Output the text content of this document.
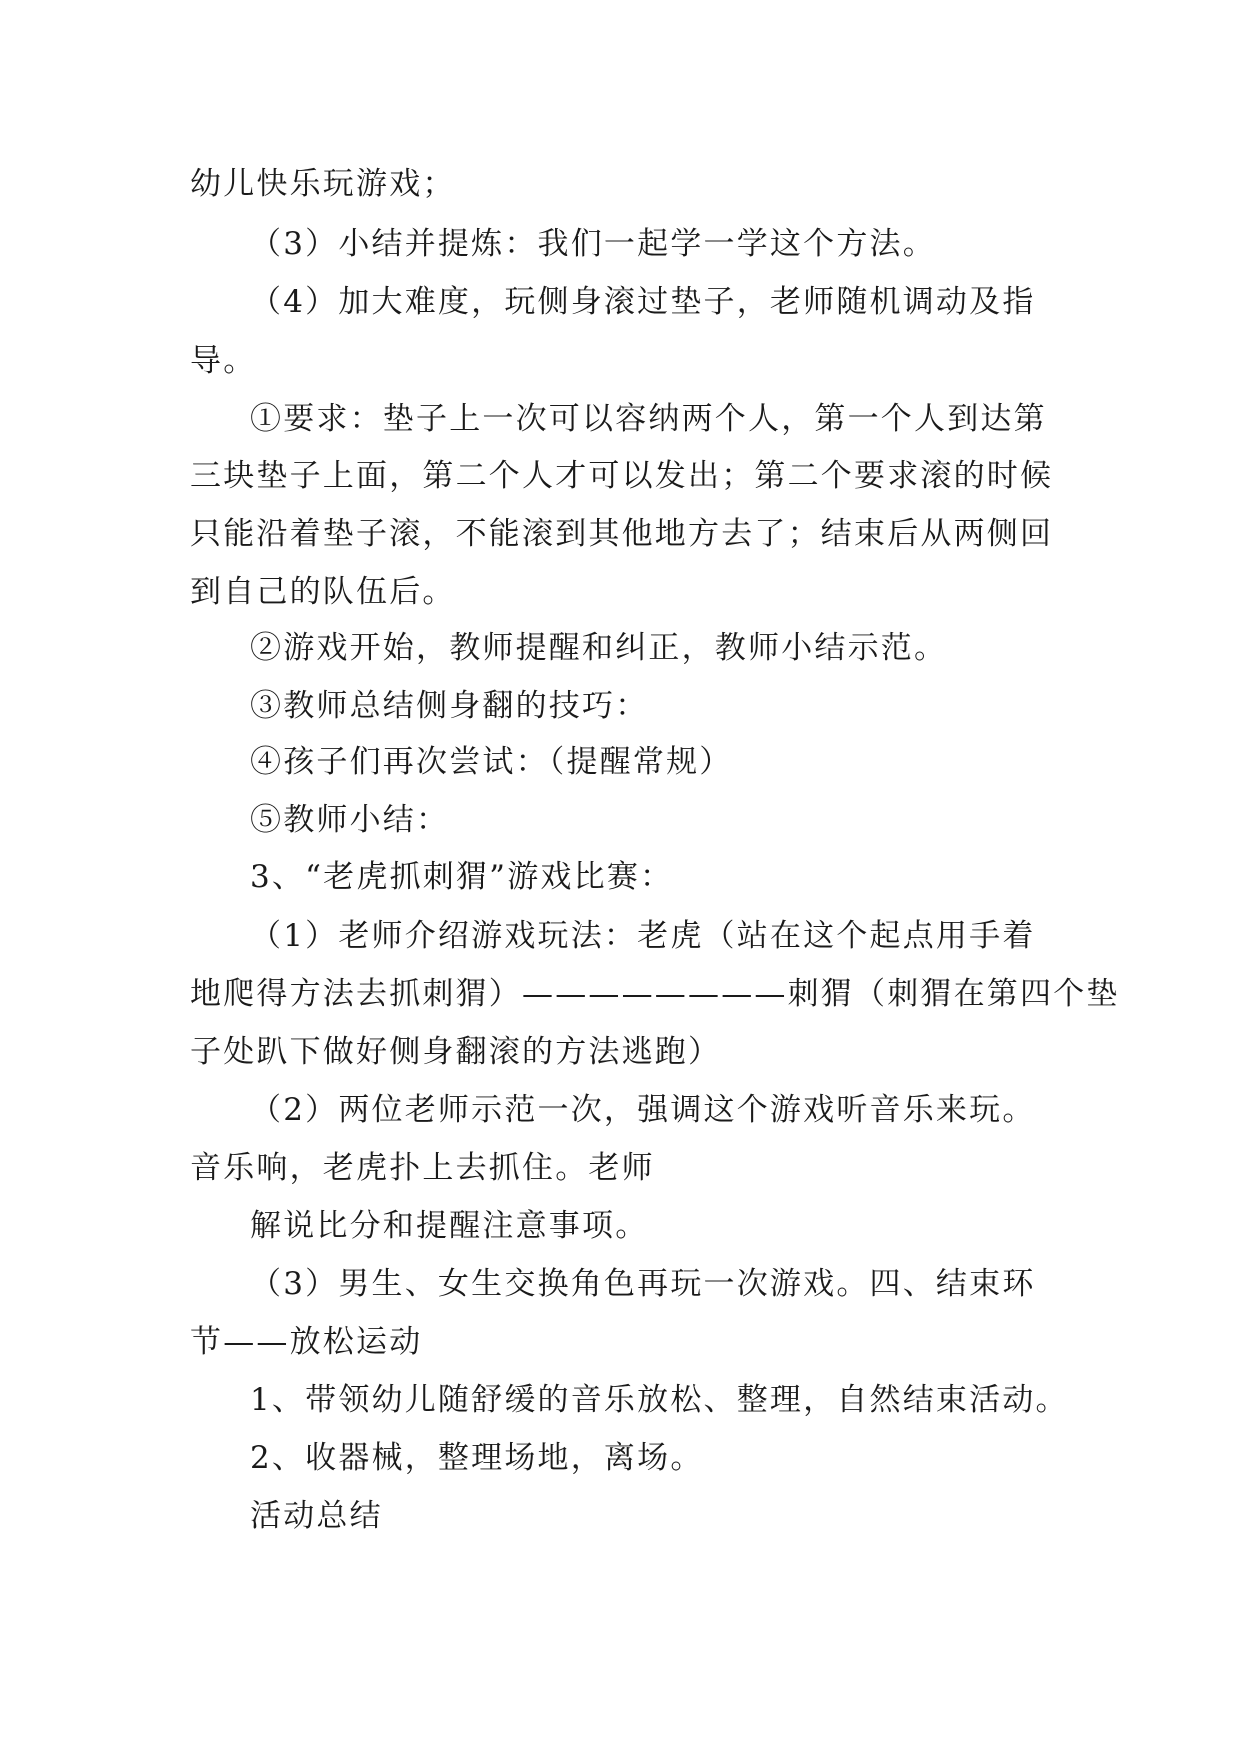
幼儿快乐玩游戏；
（3）小结并提炼：我们一起学一学这个方法。
（4）加大难度，玩侧身滚过垫子，老师随机调动及指
导。
①要求：垫子上一次可以容纳两个人，第一个人到达第
三块垫子上面，第二个人才可以发出；第二个要求滚的时候
只能沿着垫子滚，不能滚到其他地方去了；结束后从两侧回
到自己的队伍后。
②游戏开始，教师提醒和纠正，教师小结示范。
③教师总结侧身翻的技巧：
④孩子们再次尝试：（提醒常规）
⑤教师小结：
3、“老虎抓刺猬”游戏比赛：
（1）老师介绍游戏玩法：老虎（站在这个起点用手着
地爬得方法去抓刺猬）————————刺猬（刺猬在第四个垫
子处趴下做好侧身翻滚的方法逃跑）
（2）两位老师示范一次，强调这个游戏听音乐来玩。
音乐响，老虎扑上去抓住。老师
解说比分和提醒注意事项。
（3）男生、女生交换角色再玩一次游戏。四、结束环
节——放松运动
1、带领幼儿随舒缓的音乐放松、整理，自然结束活动。
2、收器械，整理场地，离场。
活动总结
